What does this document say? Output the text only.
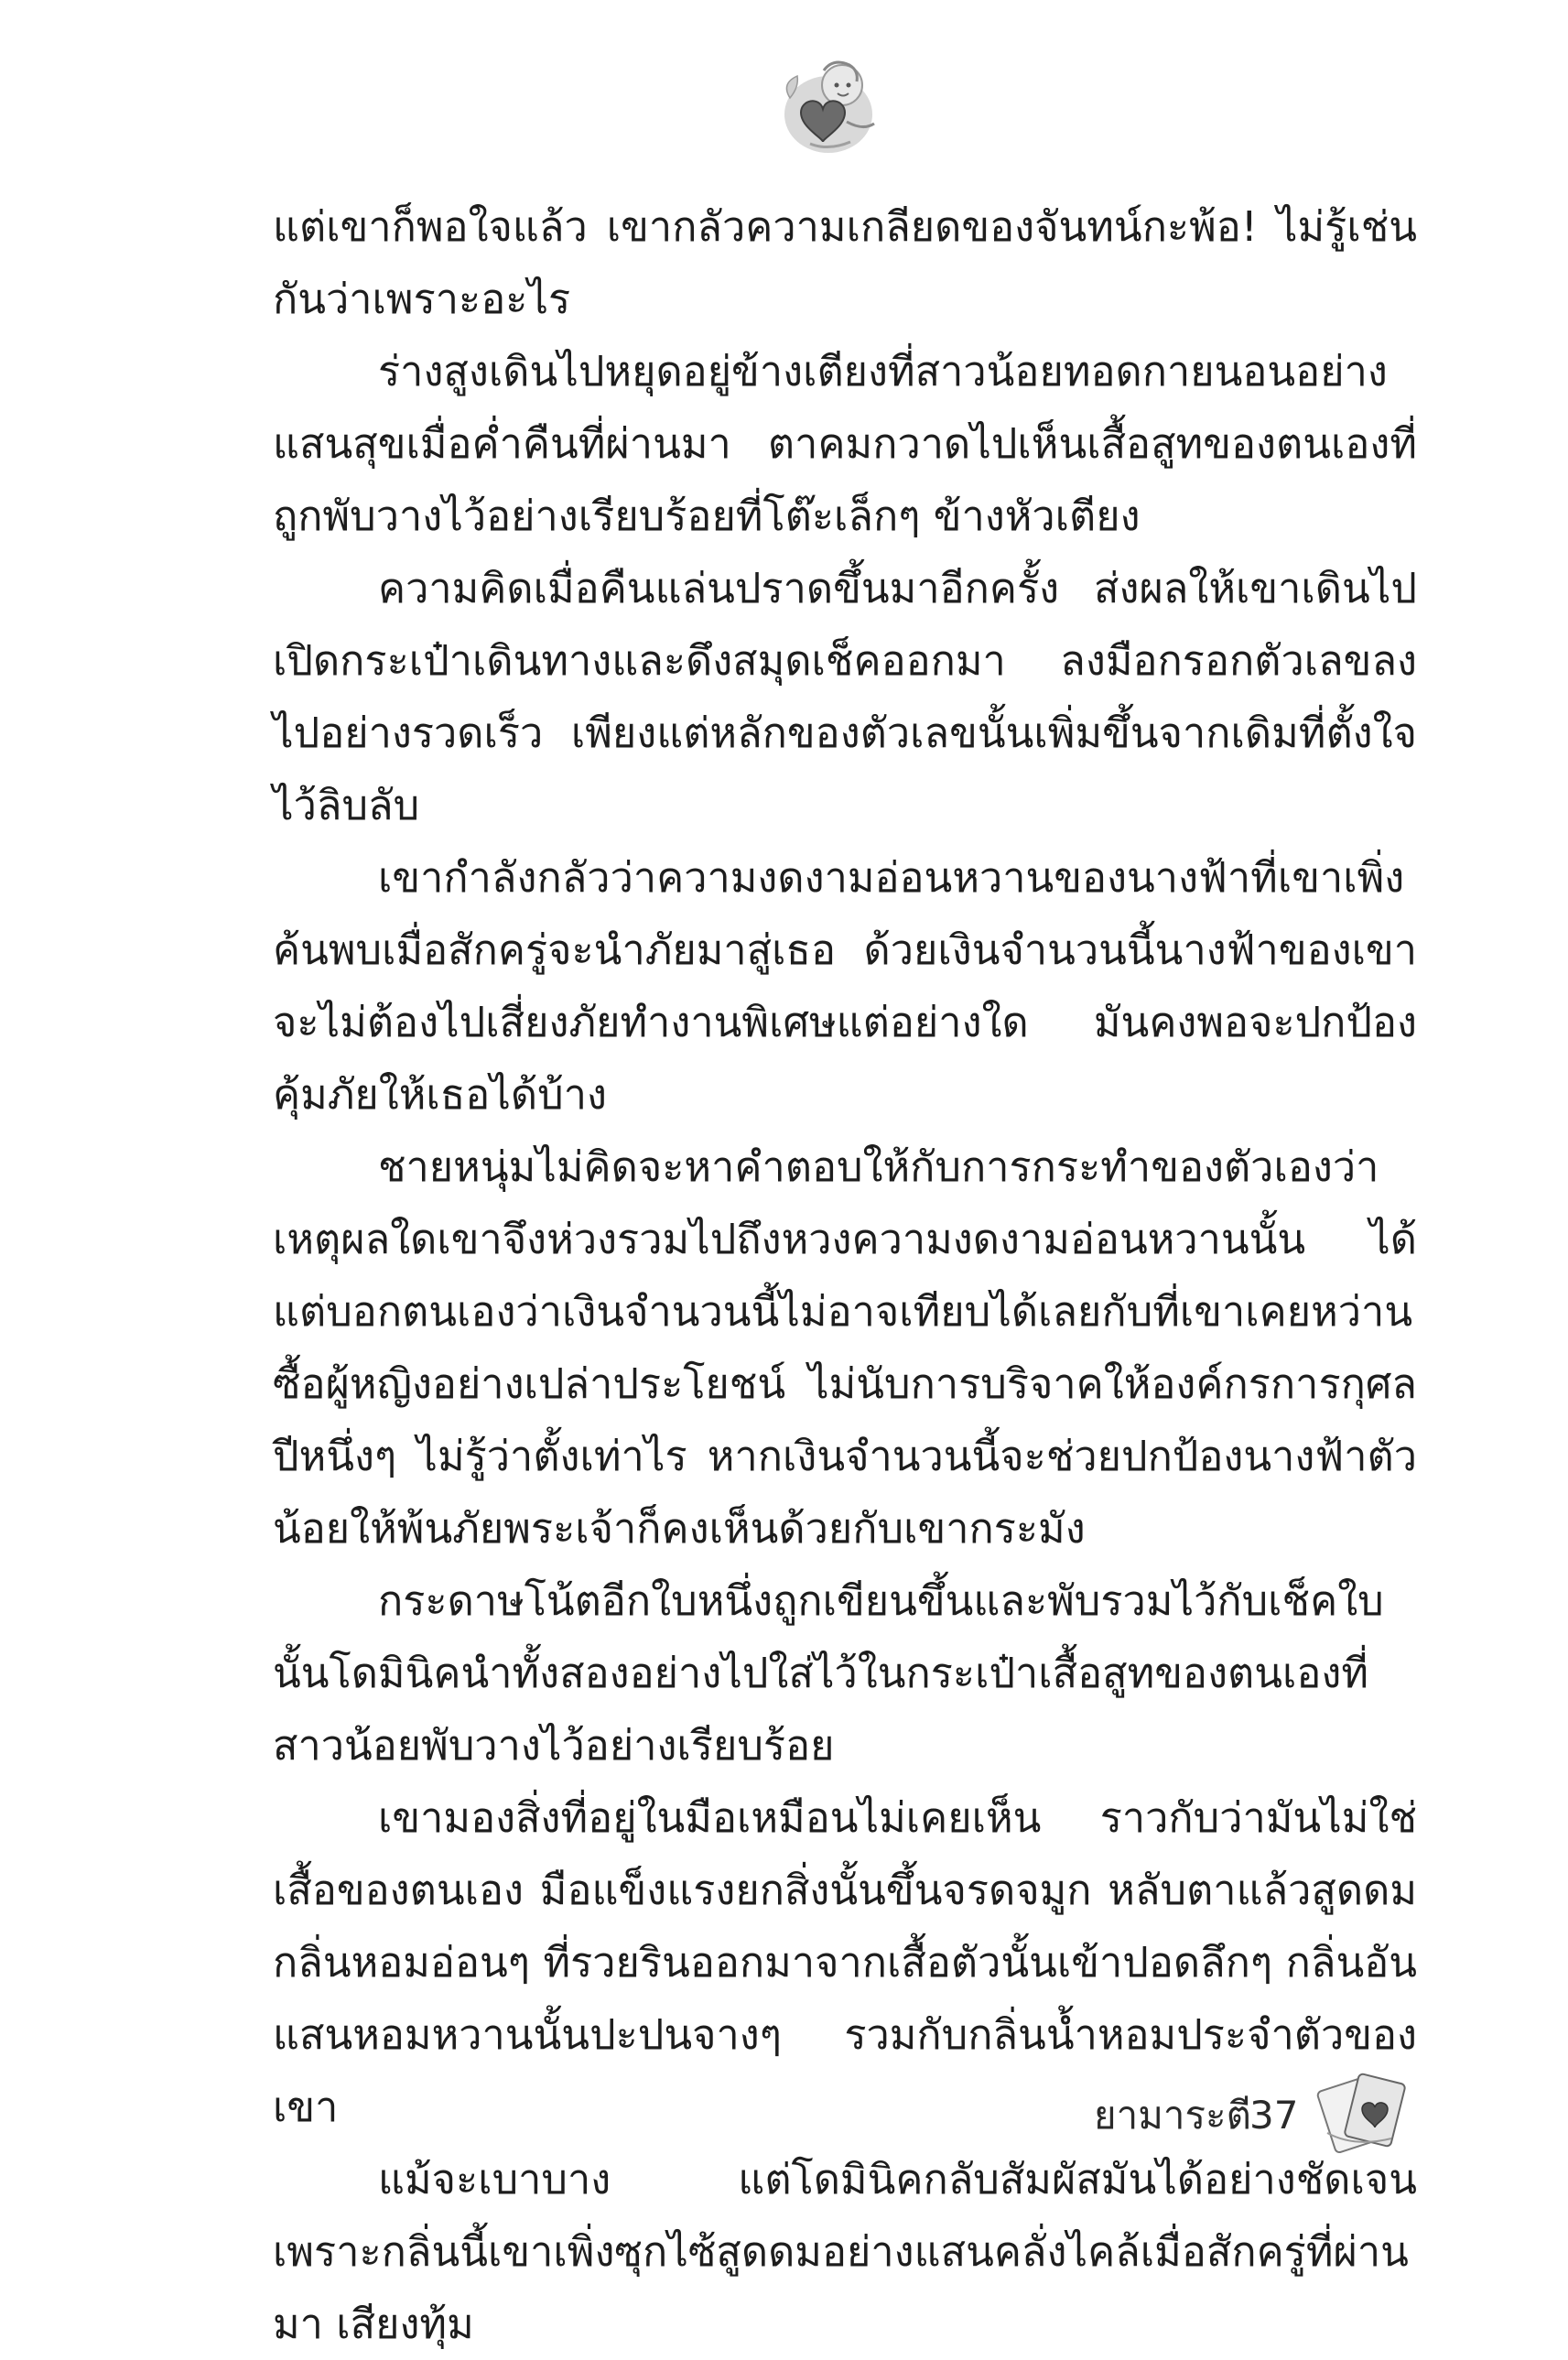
แต่เขาก็พอใจแล้ว เขากลัวความเกลียดของจันทน์กะพ้อ! ไม่รู้เช่นกันว่าเพราะอะไร

ร่างสูงเดินไปหยุดอยู่ข้างเตียงที่สาวน้อยทอดกายนอนอย่างแสนสุขเมื่อค่ำคืนที่ผ่านมา ตาคมกวาดไปเห็นเสื้อสูทของตนเองที่ถูกพับวางไว้อย่างเรียบร้อยที่โต๊ะเล็กๆ ข้างหัวเตียง

ความคิดเมื่อคืนแล่นปราดขึ้นมาอีกครั้ง ส่งผลให้เขาเดินไปเปิดกระเป๋าเดินทางและดึงสมุดเช็คออกมา ลงมือกรอกตัวเลขลงไปอย่างรวดเร็ว เพียงแต่หลักของตัวเลขนั้นเพิ่มขึ้นจากเดิมที่ตั้งใจไว้ลิบลับ

เขากำลังกลัวว่าความงดงามอ่อนหวานของนางฟ้าที่เขาเพิ่งค้นพบเมื่อสักครู่จะนำภัยมาสู่เธอ ด้วยเงินจำนวนนี้นางฟ้าของเขาจะไม่ต้องไปเสี่ยงภัยทำงานพิเศษแต่อย่างใด มันคงพอจะปกป้องคุ้มภัยให้เธอได้บ้าง

ชายหนุ่มไม่คิดจะหาคำตอบให้กับการกระทำของตัวเองว่าเหตุผลใดเขาจึงห่วงรวมไปถึงหวงความงดงามอ่อนหวานนั้น ได้แต่บอกตนเองว่าเงินจำนวนนี้ไม่อาจเทียบได้เลยกับที่เขาเคยหว่านซื้อผู้หญิงอย่างเปล่าประโยชน์ ไม่นับการบริจาคให้องค์กรการกุศลปีหนึ่งๆ ไม่รู้ว่าตั้งเท่าไร หากเงินจำนวนนี้จะช่วยปกป้องนางฟ้าตัวน้อยให้พ้นภัยพระเจ้าก็คงเห็นด้วยกับเขากระมัง

กระดาษโน้ตอีกใบหนึ่งถูกเขียนขึ้นและพับรวมไว้กับเช็คใบนั้นโดมินิคนำทั้งสองอย่างไปใส่ไว้ในกระเป๋าเสื้อสูทของตนเองที่สาวน้อยพับวางไว้อย่างเรียบร้อย

เขามองสิ่งที่อยู่ในมือเหมือนไม่เคยเห็น ราวกับว่ามันไม่ใช่เสื้อของตนเอง มือแข็งแรงยกสิ่งนั้นขึ้นจรดจมูก หลับตาแล้วสูดดมกลิ่นหอมอ่อนๆ ที่รวยรินออกมาจากเสื้อตัวนั้นเข้าปอดลึกๆ กลิ่นอันแสนหอมหวานนั้นปะปนจางๆ รวมกับกลิ่นน้ำหอมประจำตัวของเขา

แม้จะเบาบาง แต่โดมินิคกลับสัมผัสมันได้อย่างชัดเจน เพราะกลิ่นนี้เขาเพิ่งซุกไซ้สูดดมอย่างแสนคลั่งไคล้เมื่อสักครู่ที่ผ่านมา เสียงทุ้ม

ยามาระตี
37
